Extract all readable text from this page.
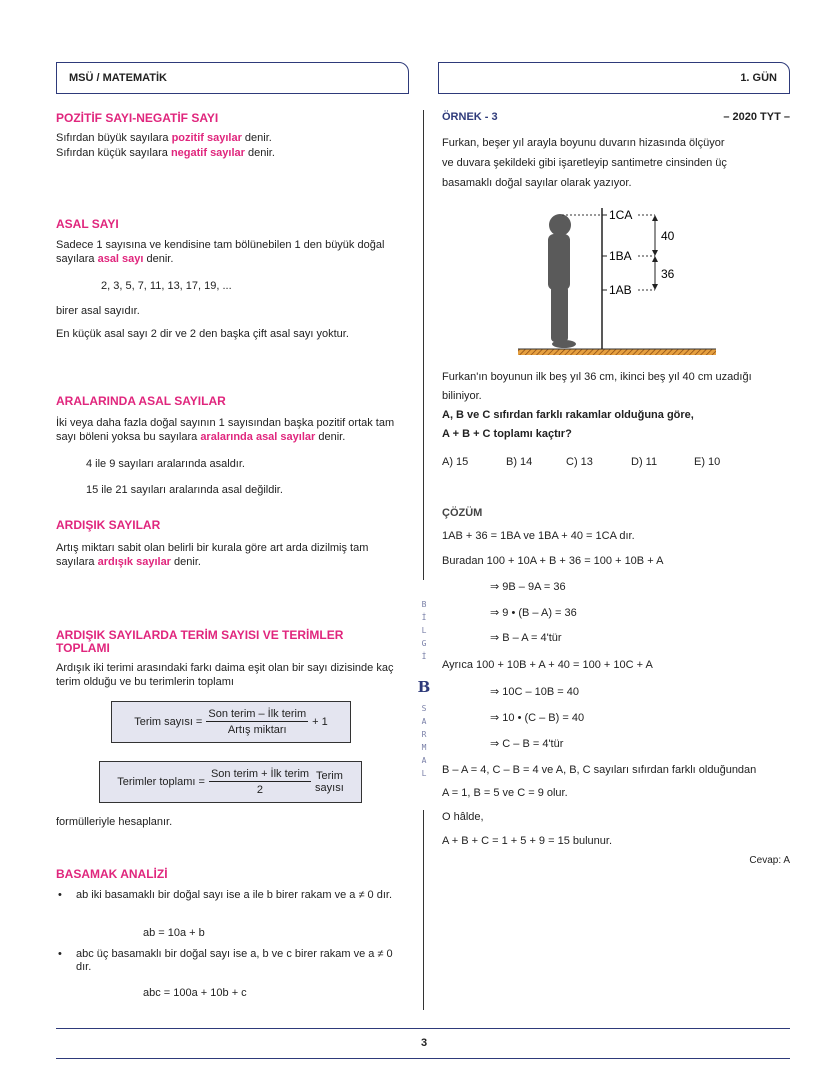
MSÜ / MATEMATİK	1. GÜN
B
İ
L
G
İ
B
S
A
R
M
A
L
POZİTİF SAYI-NEGATİF SAYI
Sıfırdan büyük sayılara pozitif sayılar denir.
Sıfırdan küçük sayılara negatif sayılar denir.
ASAL SAYI
Sadece 1 sayısına ve kendisine tam bölünebilen 1 den büyük doğal sayılara asal sayı denir.
2, 3, 5, 7, 11, 13, 17, 19, ...
birer asal sayıdır.
En küçük asal sayı 2 dir ve 2 den başka çift asal sayı yoktur.
ARALARINDA ASAL SAYILAR
İki veya daha fazla doğal sayının 1 sayısından başka pozitif ortak tam sayı böleni yoksa bu sayılara aralarında asal sayılar denir.
4 ile 9 sayıları aralarında asaldır.
15 ile 21 sayıları aralarında asal değildir.
ARDIŞIK SAYILAR
Artış miktarı sabit olan belirli bir kurala göre art arda dizilmiş tam sayılara ardışık sayılar denir.
ARDIŞIK SAYILARDA TERİM SAYISI VE TERİMLER TOPLAMI
Ardışık iki terimi arasındaki farkı daima eşit olan bir sayı dizisinde kaç terim olduğu ve bu terimlerin toplamı
Terim sayısı = $\frac{\text{Son terim – İlk terim}}{\text{Artış miktarı}} + 1$
Terimler toplamı = $\frac{\text{Son terim + İlk terim}}{2}$ Terim
sayısı
formülleriyle hesaplanır.
BASAMAK ANALİZİ
• ab iki basamaklı bir doğal sayı ise a ile b birer rakam ve a ≠ 0 dır.
ab = 10a + b
• abc üç basamaklı bir doğal sayı ise a, b ve c birer rakam ve a ≠ 0 dır.
abc = 100a + 10b + c
ÖRNEK - 3	– 2020 TYT –
Furkan, beşer yıl arayla boyunu duvarın hizasında ölçüyor
ve duvara şekildeki gibi işaretleyip santimetre cinsinden üç
basamaklı doğal sayılar olarak yazıyor.
1CA
1BA
1AB
40
36
Furkan'ın boyunun ilk beş yıl 36 cm, ikinci beş yıl 40 cm uzadığı
biliniyor.
A, B ve C sıfırdan farklı rakamlar olduğuna göre,
A + B + C toplamı kaçtır?
A) 15	B) 14	C) 13	D) 11	E) 10
ÇÖZÜM
1AB + 36 = 1BA ve 1BA + 40 = 1CA dır.
Buradan 100 + 10A + B + 36 = 100 + 10B + A
⇒ 9B – 9A = 36
⇒ 9 • (B – A) = 36
⇒ B – A = 4'tür
Ayrıca 100 + 10B + A + 40 = 100 + 10C + A
⇒ 10C – 10B = 40
⇒ 10 • (C – B) = 40
⇒ C – B = 4'tür
B – A = 4, C – B = 4 ve A, B, C sayıları sıfırdan farklı olduğundan
A = 1, B = 5 ve C = 9 olur.
O hâlde,
A + B + C = 1 + 5 + 9 = 15 bulunur.
Cevap: A
3
